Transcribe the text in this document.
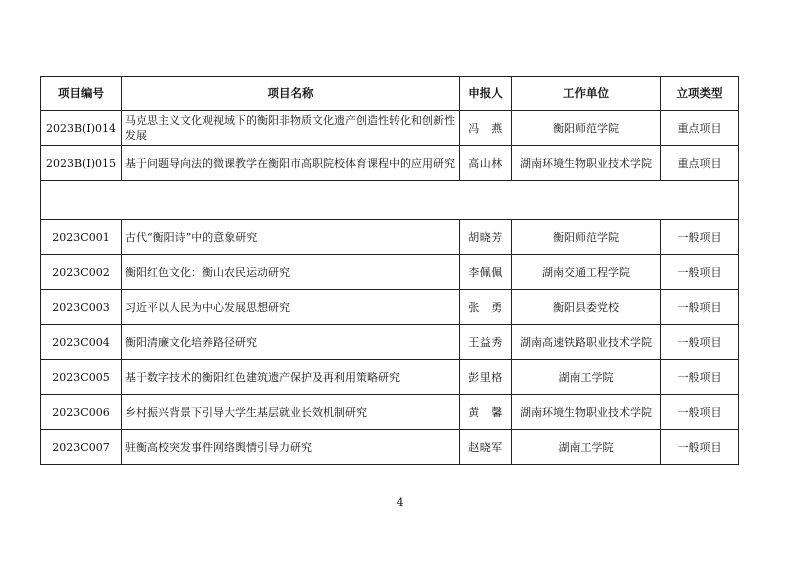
项目编号	项目名称	申报人	工作单位	立项类型
2023B(I)014	马克思主义文化观视域下的衡阳非物质文化遗产创造性转化和创新性发展	冯　燕	衡阳师范学院	重点项目
2023B(I)015	基于问题导向法的微课教学在衡阳市高职院校体育课程中的应用研究	高山林	湖南环境生物职业技术学院	重点项目

2023C001	古代“衡阳诗”中的意象研究	胡晓芳	衡阳师范学院	一般项目
2023C002	衡阳红色文化：衡山农民运动研究	李佩佩	湖南交通工程学院	一般项目
2023C003	习近平以人民为中心发展思想研究	张　勇	衡阳县委党校	一般项目
2023C004	衡阳清廉文化培养路径研究	王益秀	湖南高速铁路职业技术学院	一般项目
2023C005	基于数字技术的衡阳红色建筑遗产保护及再利用策略研究	彭里格	湖南工学院	一般项目
2023C006	乡村振兴背景下引导大学生基层就业长效机制研究	黄　馨	湖南环境生物职业技术学院	一般项目
2023C007	驻衡高校突发事件网络舆情引导力研究	赵晓军	湖南工学院	一般项目
4
